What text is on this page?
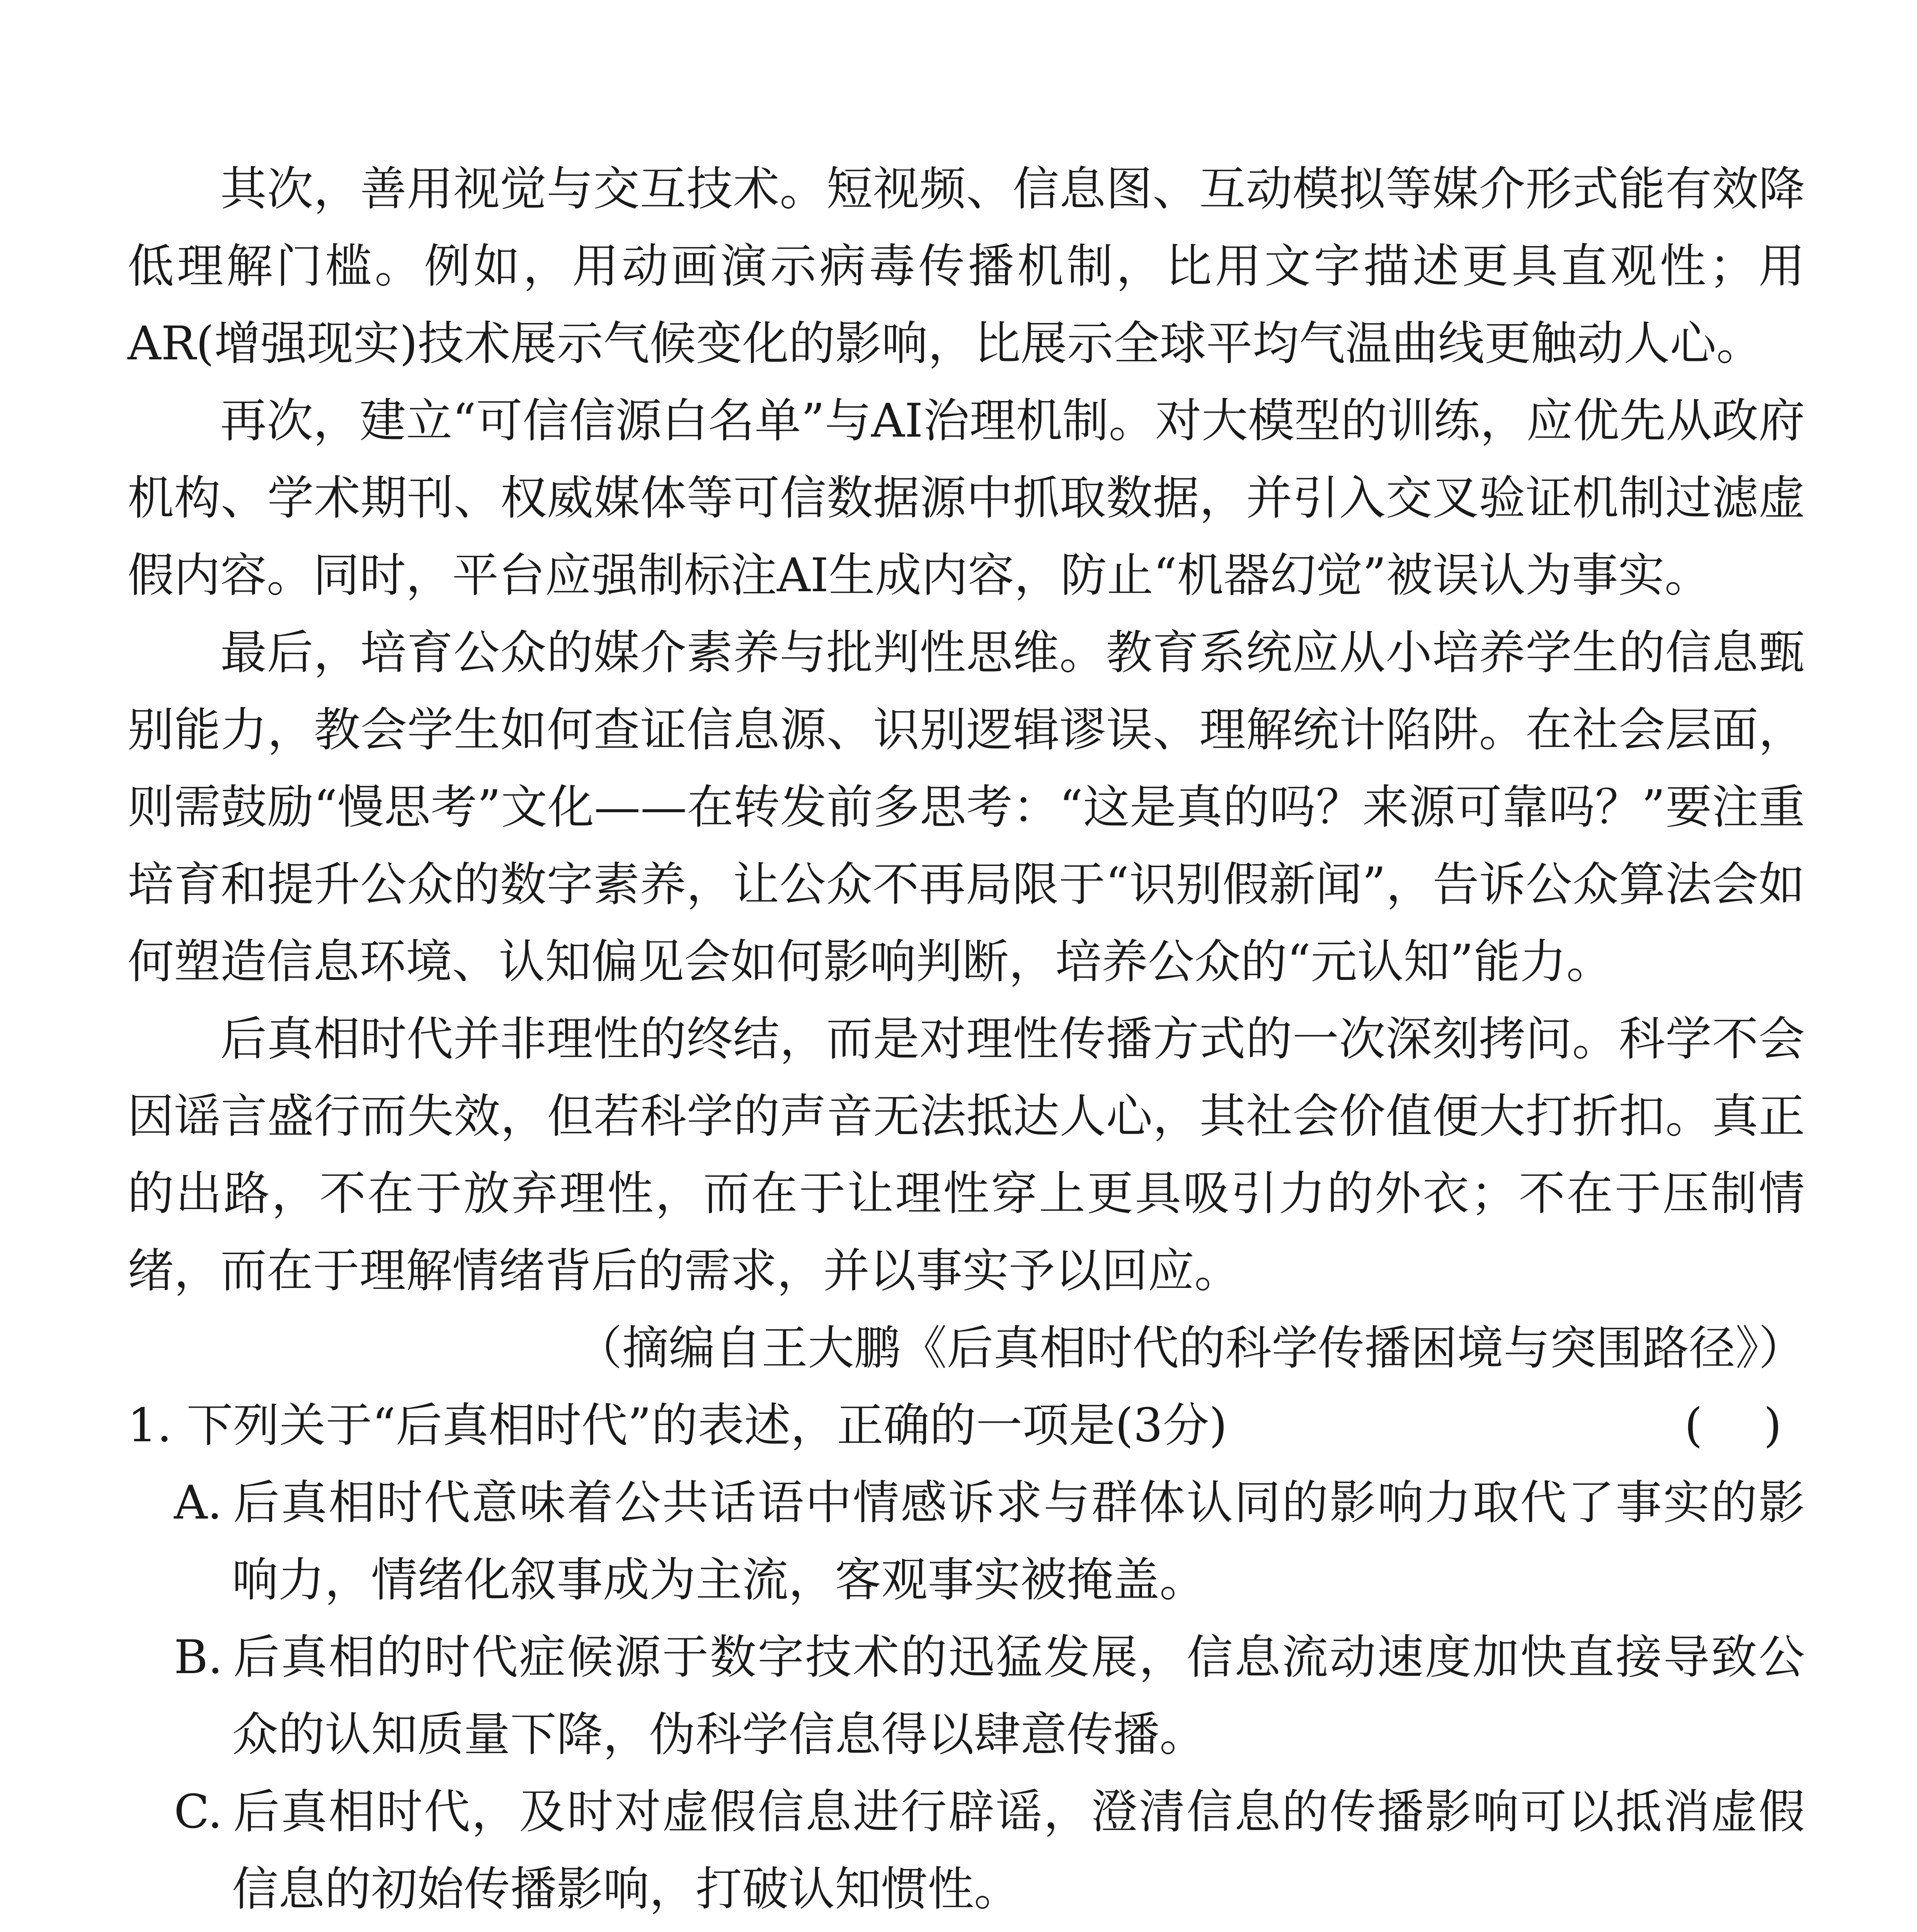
其次，善用视觉与交互技术。短视频、信息图、互动模拟等媒介形式能有效降低理解门槛。例如，用动画演示病毒传播机制，比用文字描述更具直观性；用AR(增强现实)技术展示气候变化的影响，比展示全球平均气温曲线更触动人心。

再次，建立“可信信源白名单”与AI治理机制。对大模型的训练，应优先从政府机构、学术期刊、权威媒体等可信数据源中抓取数据，并引入交叉验证机制过滤虚假内容。同时，平台应强制标注AI生成内容，防止“机器幻觉”被误认为事实。

最后，培育公众的媒介素养与批判性思维。教育系统应从小培养学生的信息甄别能力，教会学生如何查证信息源、识别逻辑谬误、理解统计陷阱。在社会层面，则需鼓励“慢思考”文化——在转发前多思考：“这是真的吗？来源可靠吗？”要注重培育和提升公众的数字素养，让公众不再局限于“识别假新闻”，告诉公众算法会如何塑造信息环境、认知偏见会如何影响判断，培养公众的“元认知”能力。

后真相时代并非理性的终结，而是对理性传播方式的一次深刻拷问。科学不会因谣言盛行而失效，但若科学的声音无法抵达人心，其社会价值便大打折扣。真正的出路，不在于放弃理性，而在于让理性穿上更具吸引力的外衣；不在于压制情绪，而在于理解情绪背后的需求，并以事实予以回应。

（摘编自王大鹏《后真相时代的科学传播困境与突围路径》）

1. 下列关于“后真相时代”的表述，正确的一项是(3分)	( )

A. 后真相时代意味着公共话语中情感诉求与群体认同的影响力取代了事实的影响力，情绪化叙事成为主流，客观事实被掩盖。

B. 后真相的时代症候源于数字技术的迅猛发展，信息流动速度加快直接导致公众的认知质量下降，伪科学信息得以肆意传播。

C. 后真相时代，及时对虚假信息进行辟谣，澄清信息的传播影响可以抵消虚假信息的初始传播影响，打破认知惯性。
